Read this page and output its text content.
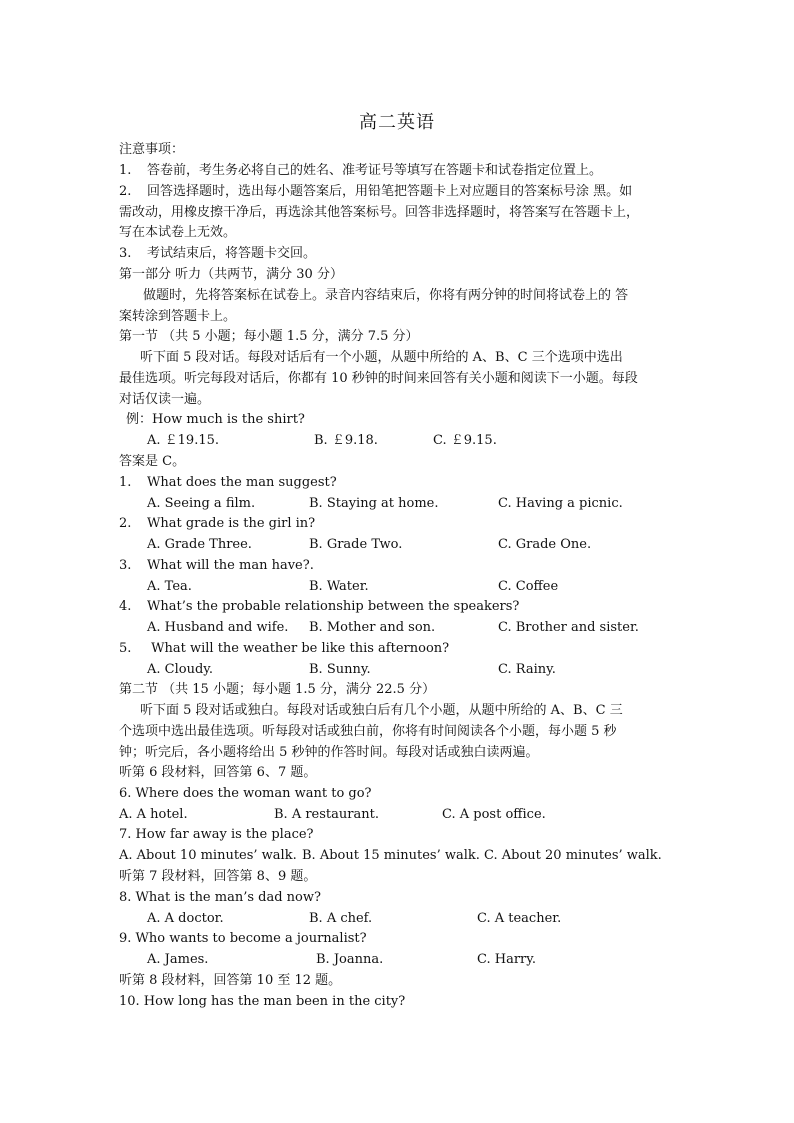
高二英语
注意事项：
1. 答卷前，考生务必将自己的姓名、准考证号等填写在答题卡和试卷指定位置上。
2. 回答选择题时，选出每小题答案后，用铅笔把答题卡上对应题目的答案标号涂 黑。如
需改动，用橡皮擦干净后，再选涂其他答案标号。回答非选择题时，将答案写在答题卡上，
写在本试卷上无效。
3. 考试结束后，将答题卡交回。
第一部分 听力（共两节，满分 30 分）
做题时，先将答案标在试卷上。录音内容结束后，你将有两分钟的时间将试卷上的 答
案转涂到答题卡上。
第一节 （共 5 小题；每小题 1.5 分，满分 7.5 分）
听下面 5 段对话。每段对话后有一个小题，从题中所给的 A、B、C 三个选项中选出
最佳选项。听完每段对话后，你都有 10 秒钟的时间来回答有关小题和阅读下一小题。每段
对话仅读一遍。
例：How much is the shirt?
A. ￡19.15.	B. ￡9.18.	C. ￡9.15.
答案是 C。
1. What does the man suggest?
A. Seeing a film.	B. Staying at home.	C. Having a picnic.
2. What grade is the girl in?
A. Grade Three.	B. Grade Two.	C. Grade One.
3. What will the man have?.
A. Tea.	B. Water.	C. Coffee
4. What’s the probable relationship between the speakers?
A. Husband and wife. B. Mother and son.	C. Brother and sister.
5. What will the weather be like this afternoon?
A. Cloudy.	B. Sunny.	C. Rainy.
第二节 （共 15 小题；每小题 1.5 分，满分 22.5 分）
听下面 5 段对话或独白。每段对话或独白后有几个小题，从题中所给的 A、B、C 三
个选项中选出最佳选项。听每段对话或独白前，你将有时间阅读各个小题，每小题 5 秒
钟；听完后，各小题将给出 5 秒钟的作答时间。每段对话或独白读两遍。
听第 6 段材料，回答第 6、7 题。
6. Where does the woman want to go?
A. A hotel.	B. A restaurant.	C. A post office.
7. How far away is the place?
A. About 10 minutes’ walk. B. About 15 minutes’ walk. C. About 20 minutes’ walk.
听第 7 段材料，回答第 8、9 题。
8. What is the man’s dad now?
A. A doctor.	B. A chef.	C. A teacher.
9. Who wants to become a journalist?
A. James.	B. Joanna.	C. Harry.
听第 8 段材料，回答第 10 至 12 题。
10. How long has the man been in the city?
